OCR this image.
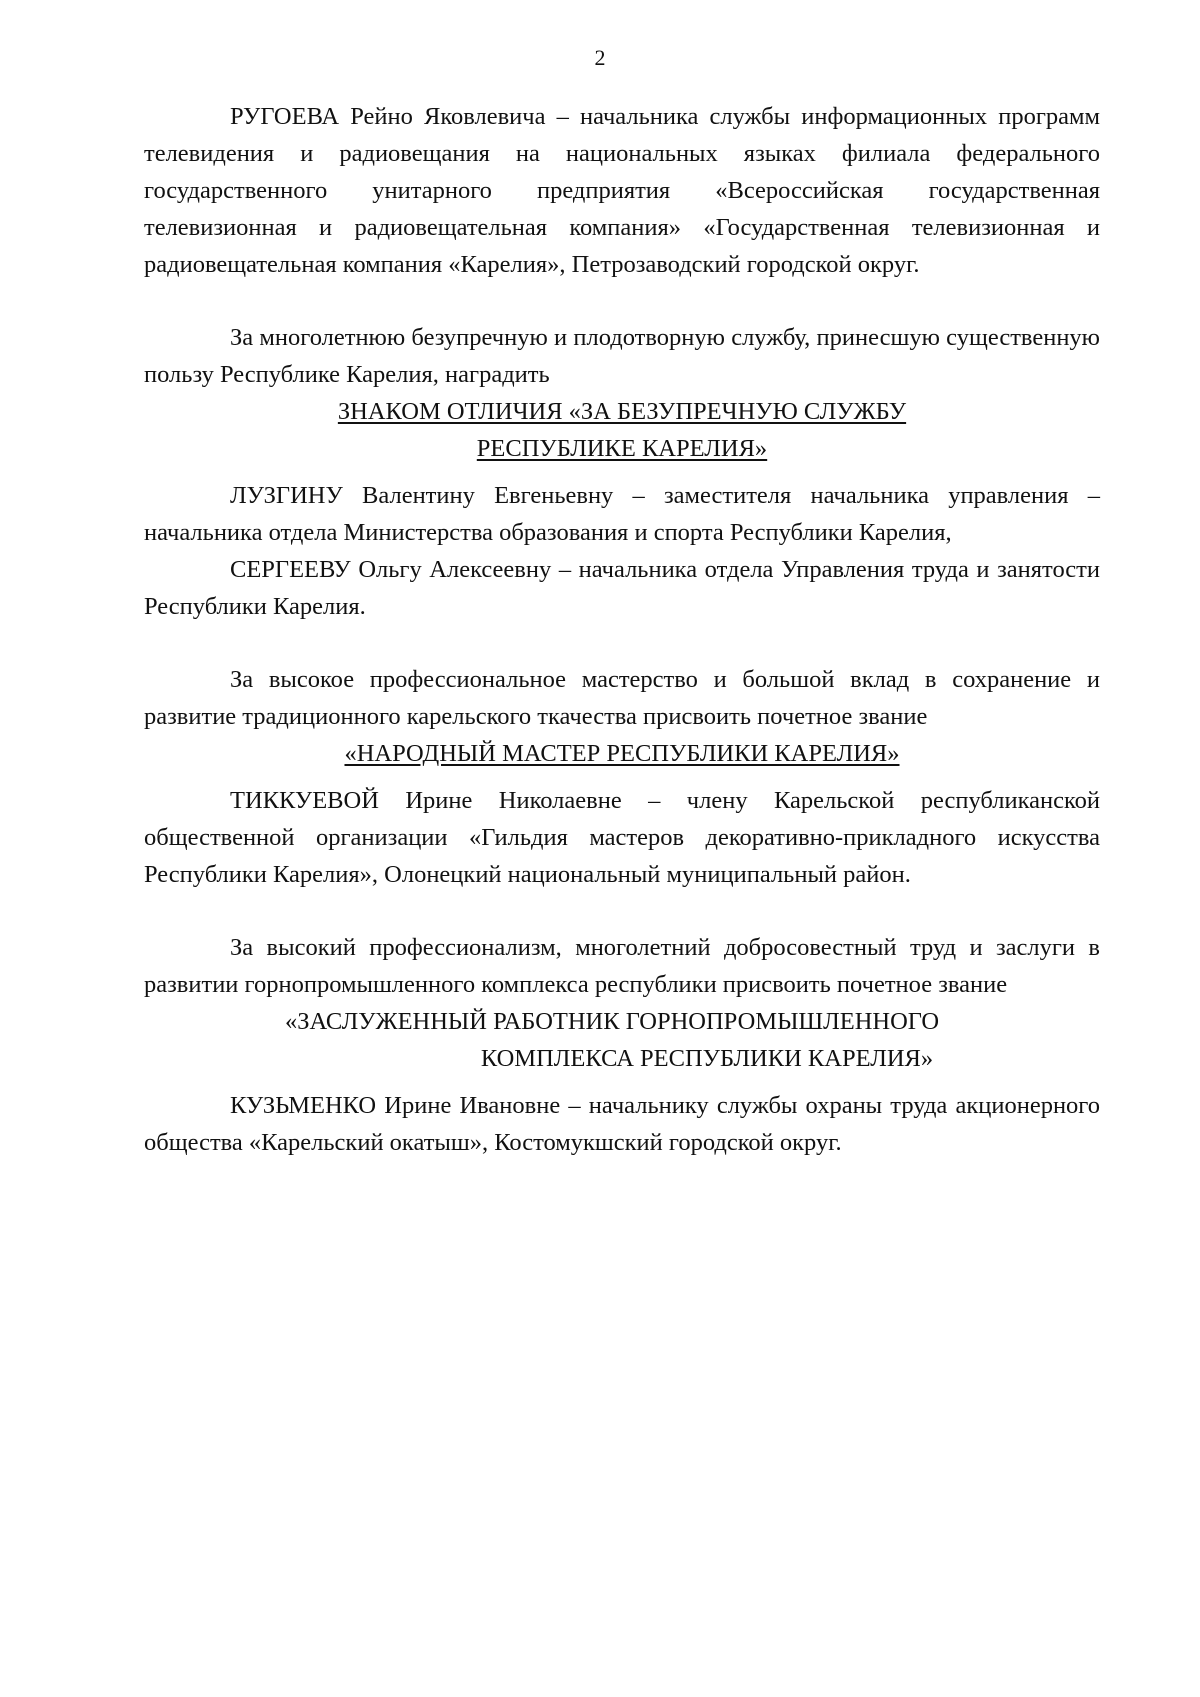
2

РУГОЕВА Рейно Яковлевича – начальника службы информационных программ телевидения и радиовещания на национальных языках филиала федерального государственного унитарного предприятия «Всероссийская государственная телевизионная и радиовещательная компания» «Государственная телевизионная и радиовещательная компания «Карелия», Петрозаводский городской округ.

За многолетнюю безупречную и плодотворную службу, принесшую существенную пользу Республике Карелия, наградить

ЗНАКОМ ОТЛИЧИЯ «ЗА БЕЗУПРЕЧНУЮ СЛУЖБУ

РЕСПУБЛИКЕ КАРЕЛИЯ»

ЛУЗГИНУ Валентину Евгеньевну – заместителя начальника управления – начальника отдела Министерства образования и спорта Республики Карелия,

СЕРГЕЕВУ Ольгу Алексеевну – начальника отдела Управления труда и занятости Республики Карелия.

За высокое профессиональное мастерство и большой вклад в сохранение и развитие традиционного карельского ткачества присвоить почетное звание

«НАРОДНЫЙ МАСТЕР РЕСПУБЛИКИ КАРЕЛИЯ»

ТИККУЕВОЙ Ирине Николаевне – члену Карельской республиканской общественной организации «Гильдия мастеров декоративно-прикладного искусства Республики Карелия», Олонецкий национальный муниципальный район.

За высокий профессионализм, многолетний добросовестный труд и заслуги в развитии горнопромышленного комплекса республики присвоить почетное звание

«ЗАСЛУЖЕННЫЙ РАБОТНИК ГОРНОПРОМЫШЛЕННОГО

КОМПЛЕКСА РЕСПУБЛИКИ КАРЕЛИЯ»

КУЗЬМЕНКО Ирине Ивановне – начальнику службы охраны труда акционерного общества «Карельский окатыш», Костомукшский городской округ.
